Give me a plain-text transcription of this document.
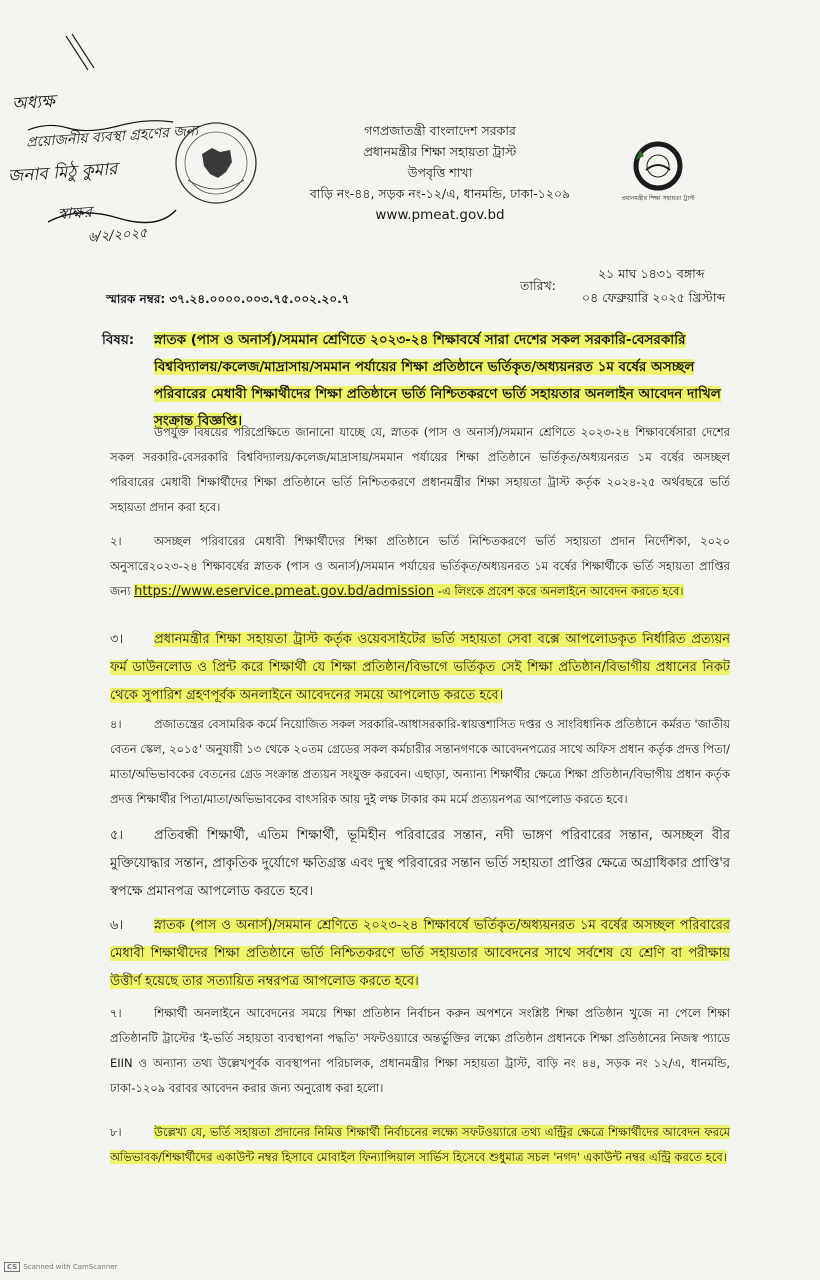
অধ্যক্ষ
প্রয়োজনীয় ব্যবস্থা গ্রহণের জন্য
জনাব মিঠু কুমার
স্বাক্ষর
৬/২/২০২৫
গণপ্রজাতন্ত্রী বাংলাদেশ সরকার
প্রধানমন্ত্রীর শিক্ষা সহায়তা ট্রাস্ট
উপবৃত্তি শাখা
বাড়ি নং-৪৪, সড়ক নং-১২/এ, ধানমন্ডি, ঢাকা-১২০৯
www.pmeat.gov.bd
প্রধানমন্ত্রীর শিক্ষা সহায়তা ট্রাস্ট
২১ মাঘ ১৪৩১ বঙ্গাব্দ
তারিখ:
০৪ ফেব্রুয়ারি ২০২৫ খ্রিস্টাব্দ
স্মারক নম্বর: ৩৭.২৪.০০০০.০০৩.৭৫.০০২.২০.৭
বিষয়:	স্নাতক (পাস ও অনার্স)/সমমান শ্রেণিতে ২০২৩-২৪ শিক্ষাবর্ষে সারা দেশের সকল সরকারি-বেসরকারি বিশ্ববিদ্যালয়/কলেজ/মাদ্রাসায়/সমমান পর্যায়ের শিক্ষা প্রতিষ্ঠানে ভর্তিকৃত/অধ্যয়নরত ১ম বর্ষের অসচ্ছল পরিবারের মেধাবী শিক্ষার্থীদের শিক্ষা প্রতিষ্ঠানে ভর্তি নিশ্চিতকরণে ভর্তি সহায়তার অনলাইন আবেদন দাখিল সংক্রান্ত বিজ্ঞপ্তি।
উপর্যুক্ত বিষয়ের পরিপ্রেক্ষিতে জানানো যাচ্ছে যে, স্নাতক (পাস ও অনার্স)/সমমান শ্রেণিতে ২০২৩-২৪ শিক্ষাবর্ষেসারা দেশের সকল সরকারি-বেসরকারি বিশ্ববিদ্যালয়/কলেজ/মাদ্রাসায়/সমমান পর্যায়ের শিক্ষা প্রতিষ্ঠানে ভর্তিকৃত/অধ্যয়নরত ১ম বর্ষের অসচ্ছল পরিবারের মেধাবী শিক্ষার্থীদের শিক্ষা প্রতিষ্ঠানে ভর্তি নিশ্চিতকরণে প্রধানমন্ত্রীর শিক্ষা সহায়তা ট্রাস্ট কর্তৃক ২০২৪-২৫ অর্থবছরে ভর্তি সহায়তা প্রদান করা হবে।
২।	অসচ্ছল পরিবারের মেধাবী শিক্ষার্থীদের শিক্ষা প্রতিষ্ঠানে ভর্তি নিশ্চিতকরণে ভর্তি সহায়তা প্রদান নির্দেশিকা, ২০২০ অনুসারে২০২৩-২৪ শিক্ষাবর্ষের স্নাতক (পাস ও অনার্স)/সমমান পর্যায়ের ভর্তিকৃত/অধ্যয়নরত ১ম বর্ষের শিক্ষার্থীকে ভর্তি সহায়তা প্রাপ্তির জন্য https://www.eservice.pmeat.gov.bd/admission -এ লিংকে প্রবেশ করে অনলাইনে আবেদন করতে হবে।
৩।	প্রধানমন্ত্রীর শিক্ষা সহায়তা ট্রাস্ট কর্তৃক ওয়েবসাইটের ভর্তি সহায়তা সেবা বক্সে আপলোডকৃত নির্ধারিত প্রত্যয়ন ফর্ম ডাউনলোড ও প্রিন্ট করে শিক্ষার্থী যে শিক্ষা প্রতিষ্ঠান/বিভাগে ভর্তিকৃত সেই শিক্ষা প্রতিষ্ঠান/বিভাগীয় প্রধানের নিকট থেকে সুপারিশ গ্রহণপূর্বক অনলাইনে আবেদনের সময়ে আপলোড করতে হবে।
৪।	প্রজাতন্ত্রের বেসামরিক কর্মে নিয়োজিত সকল সরকারি-আধাসরকারি-স্বায়ত্তশাসিত দপ্তর ও সাংবিধানিক প্রতিষ্ঠানে কর্মরত 'জাতীয় বেতন স্কেল, ২০১৫' অনুযায়ী ১৩ থেকে ২০তম গ্রেডের সকল কর্মচারীর সন্তানগণকে আবেদনপত্রের সাথে অফিস প্রধান কর্তৃক প্রদত্ত পিতা/মাতা/অভিভাবকের বেতনের গ্রেড সংক্রান্ত প্রত্যয়ন সংযুক্ত করবেন। এছাড়া, অন্যান্য শিক্ষার্থীর ক্ষেত্রে শিক্ষা প্রতিষ্ঠান/বিভাগীয় প্রধান কর্তৃক প্রদত্ত শিক্ষার্থীর পিতা/মাতা/অভিভাবকের বাৎসরিক আয় দুই লক্ষ টাকার কম মর্মে প্রত্যয়নপত্র আপলোড করতে হবে।
৫।	প্রতিবন্ধী শিক্ষার্থী, এতিম শিক্ষার্থী, ভূমিহীন পরিবারের সন্তান, নদী ভাঙ্গণ পরিবারের সন্তান, অসচ্ছল বীর মুক্তিযোদ্ধার সন্তান, প্রাকৃতিক দুর্যোগে ক্ষতিগ্রস্ত এবং দুস্থ পরিবারের সন্তান ভর্তি সহায়তা প্রাপ্তির ক্ষেত্রে অগ্রাধিকার প্রাপ্তি'র স্বপক্ষে প্রমানপত্র আপলোড করতে হবে।
৬।	স্নাতক (পাস ও অনার্স)/সমমান শ্রেণিতে ২০২৩-২৪ শিক্ষাবর্ষে ভর্তিকৃত/অধ্যয়নরত ১ম বর্ষের অসচ্ছল পরিবারের মেধাবী শিক্ষার্থীদের শিক্ষা প্রতিষ্ঠানে ভর্তি নিশ্চিতকরণে ভর্তি সহায়তার আবেদনের সাথে সর্বশেষ যে শ্রেণি বা পরীক্ষায় উত্তীর্ণ হয়েছে তার সত্যায়িত নম্বরপত্র আপলোড করতে হবে।
৭।	শিক্ষার্থী অনলাইনে আবেদনের সময়ে শিক্ষা প্রতিষ্ঠান নির্বাচন করুন অপশনে সংশ্লিষ্ট শিক্ষা প্রতিষ্ঠান খুজে না পেলে শিক্ষা প্রতিষ্ঠানটি ট্রাস্টের 'ই-ভর্তি সহায়তা ব্যবস্থাপনা পদ্ধতি' সফটওয়্যারে অন্তর্ভুক্তির লক্ষ্যে প্রতিষ্ঠান প্রধানকে শিক্ষা প্রতিষ্ঠানের নিজস্ব প্যাডে EIIN ও অন্যান্য তথ্য উল্লেখপূর্বক ব্যবস্থাপনা পরিচালক, প্রধানমন্ত্রীর শিক্ষা সহায়তা ট্রাস্ট, বাড়ি নং ৪৪, সড়ক নং ১২/এ, ধানমন্ডি, ঢাকা-১২০৯ বরাবর আবেদন করার জন্য অনুরোধ করা হলো।
৮।	উল্লেখ্য যে, ভর্তি সহায়তা প্রদানের নিমিত্ত শিক্ষার্থী নির্বাচনের লক্ষ্যে সফটওয়্যারে তথ্য এন্ট্রির ক্ষেত্রে শিক্ষার্থীদের আবেদন ফরমে অভিভাবক/শিক্ষার্থীদের একাউন্ট নম্বর হিসাবে মোবাইল ফিন্যান্সিয়াল সার্ভিস হিসেবে শুধুমাত্র সচল 'নগদ' একাউন্ট নম্বর এন্ট্রি করতে হবে।
CS Scanned with CamScanner
